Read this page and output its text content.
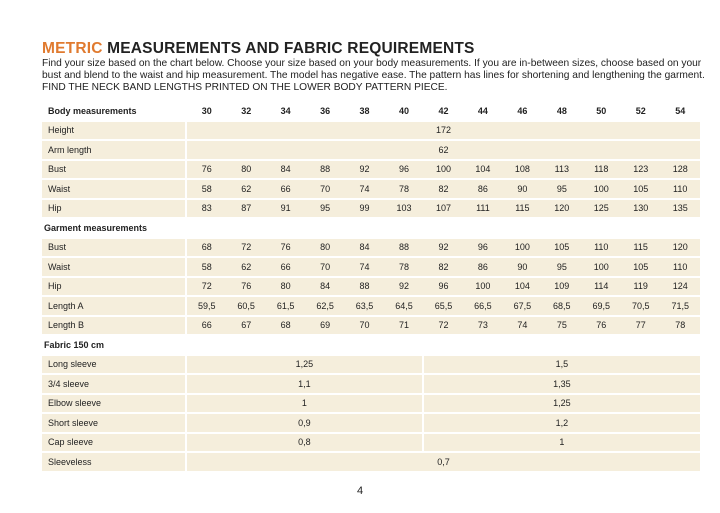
METRIC MEASUREMENTS AND FABRIC REQUIREMENTS
Find your size based on the chart below. Choose your size based on your body measurements. If you are in-between sizes, choose based on your bust and blend to the waist and hip measurement. The model has negative ease. The pattern has lines for shortening and lengthening the garment. FIND THE NECK BAND LENGTHS PRINTED ON THE LOWER BODY PATTERN PIECE.
Body measurements	30	32	34	36	38	40	42	44	46	48	50	52	54
Height	172												
Arm length	62												
Bust	76	80	84	88	92	96	100	104	108	113	118	123	128
Waist	58	62	66	70	74	78	82	86	90	95	100	105	110
Hip	83	87	91	95	99	103	107	111	115	120	125	130	135
Garment measurements													
Bust	68	72	76	80	84	88	92	96	100	105	110	115	120
Waist	58	62	66	70	74	78	82	86	90	95	100	105	110
Hip	72	76	80	84	88	92	96	100	104	109	114	119	124
Length A	59,5	60,5	61,5	62,5	63,5	64,5	65,5	66,5	67,5	68,5	69,5	70,5	71,5
Length B	66	67	68	69	70	71	72	73	74	75	76	77	78
Fabric 150 cm													
Long sleeve	1,25						1,5						
3/4 sleeve	1,1						1,35						
Elbow sleeve	1						1,25						
Short sleeve	0,9						1,2						
Cap sleeve	0,8						1						
Sleeveless	0,7												
4
